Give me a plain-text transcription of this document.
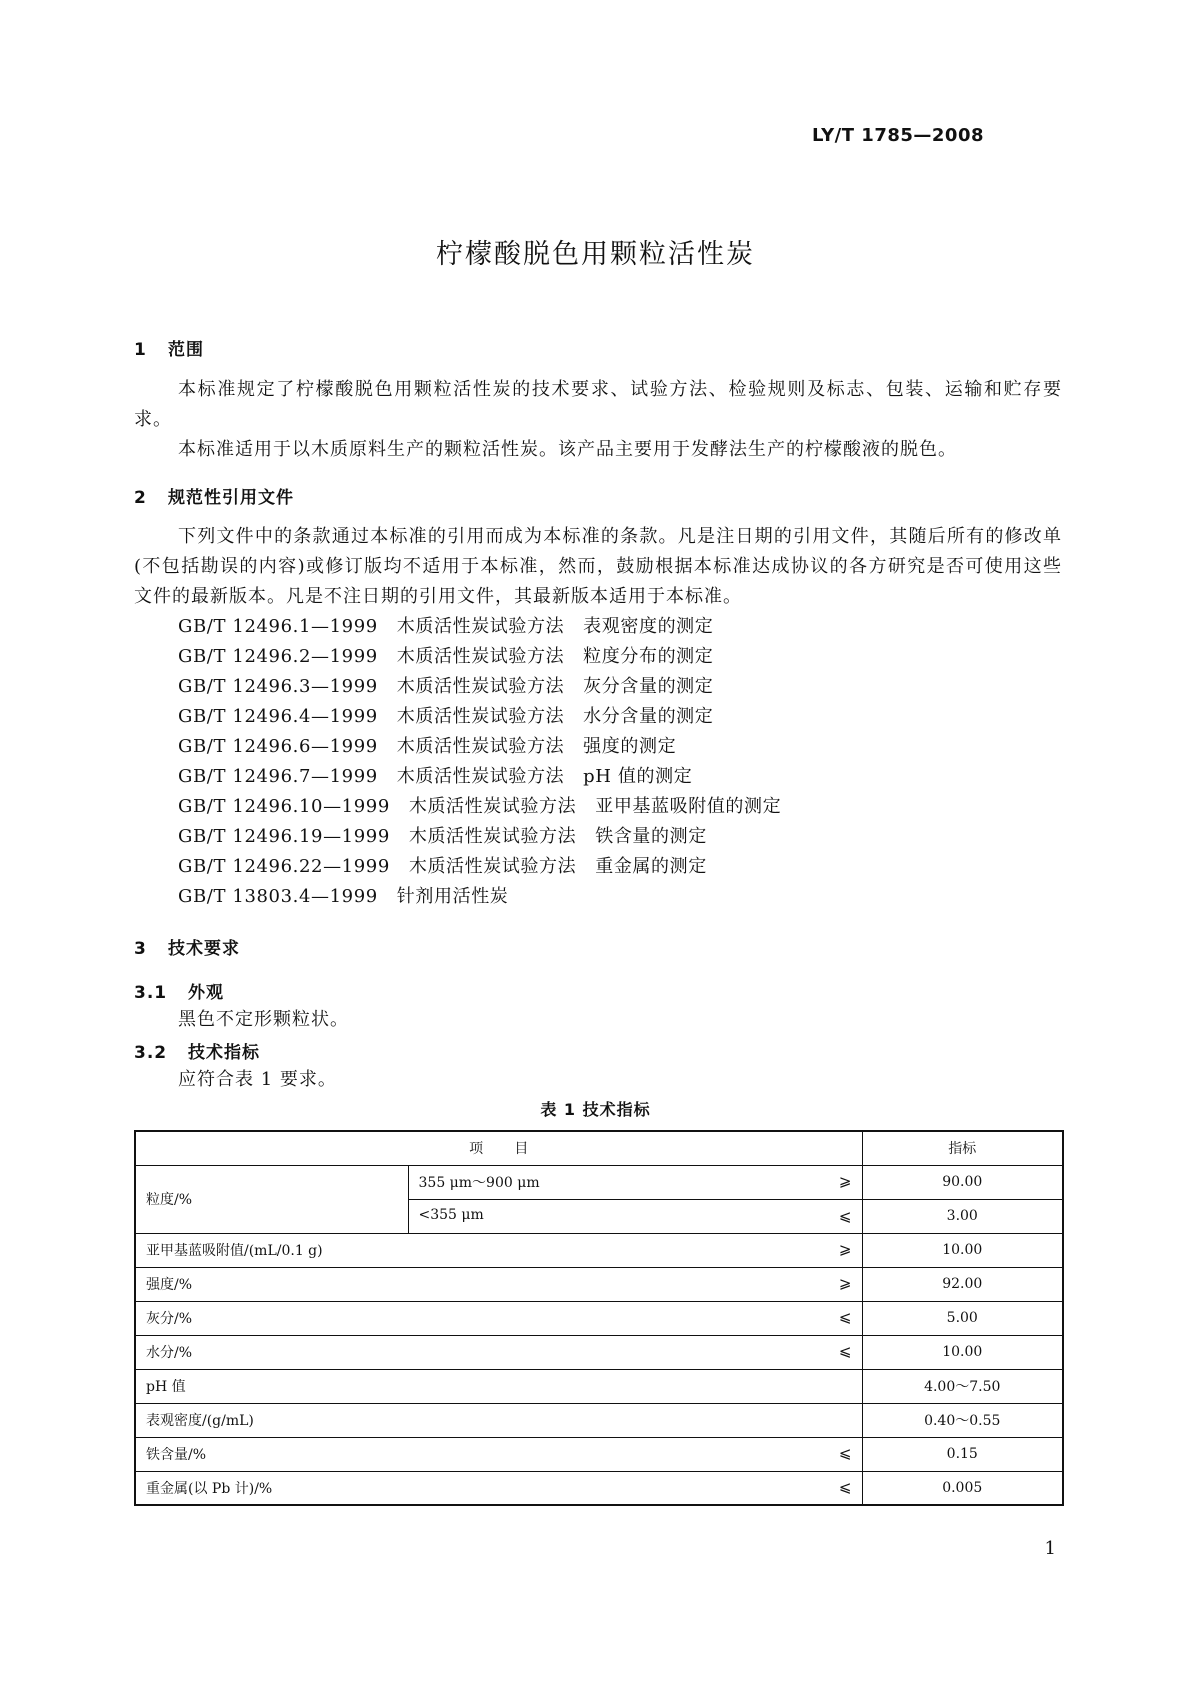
LY/T 1785—2008
柠檬酸脱色用颗粒活性炭
1 范围
本标准规定了柠檬酸脱色用颗粒活性炭的技术要求、试验方法、检验规则及标志、包装、运输和贮存要求。
本标准适用于以木质原料生产的颗粒活性炭。该产品主要用于发酵法生产的柠檬酸液的脱色。
2 规范性引用文件
下列文件中的条款通过本标准的引用而成为本标准的条款。凡是注日期的引用文件，其随后所有的修改单(不包括勘误的内容)或修订版均不适用于本标准，然而，鼓励根据本标准达成协议的各方研究是否可使用这些文件的最新版本。凡是不注日期的引用文件，其最新版本适用于本标准。
GB/T 12496.1—1999   木质活性炭试验方法   表观密度的测定
GB/T 12496.2—1999   木质活性炭试验方法   粒度分布的测定
GB/T 12496.3—1999   木质活性炭试验方法   灰分含量的测定
GB/T 12496.4—1999   木质活性炭试验方法   水分含量的测定
GB/T 12496.6—1999   木质活性炭试验方法   强度的测定
GB/T 12496.7—1999   木质活性炭试验方法   pH 值的测定
GB/T 12496.10—1999   木质活性炭试验方法   亚甲基蓝吸附值的测定
GB/T 12496.19—1999   木质活性炭试验方法   铁含量的测定
GB/T 12496.22—1999   木质活性炭试验方法   重金属的测定
GB/T 13803.4—1999   针剂用活性炭
3 技术要求
3.1 外观
黑色不定形颗粒状。
3.2 技术指标
应符合表 1 要求。
表 1 技术指标
项       目		指标
粒度/%	355 μm～900 μm ⩾	90.00
	<355 μm ⩽	3.00
亚甲基蓝吸附值/(mL/0.1 g) ⩾		10.00
强度/% ⩾		92.00
灰分/% ⩽		5.00
水分/% ⩽		10.00
pH 值		4.00～7.50
表观密度/(g/mL)		0.40～0.55
铁含量/% ⩽		0.15
重金属(以 Pb 计)/% ⩽		0.005
1
